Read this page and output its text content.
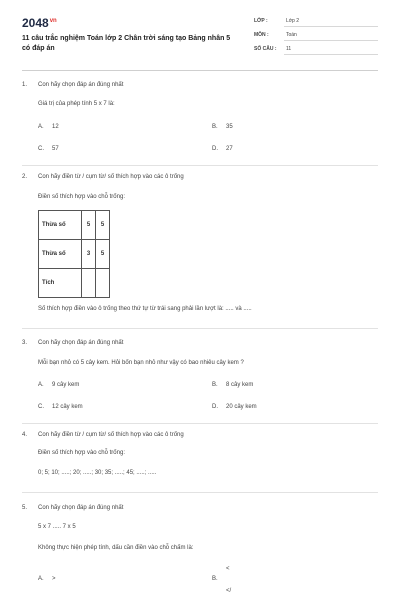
$2048^{vn}$
11 câu trắc nghiệm Toán lớp 2 Chân trời sáng tạo Bảng nhân 5 có đáp án
LỚP :	Lớp 2
MÔN :	Toán
SỐ CÂU :	11
1. Con hãy chọn đáp án đúng nhất
Giá trị của phép tính 5 x 7 là:
A. 12	B. 35
C. 57	D. 27
2. Con hãy điền từ / cụm từ/ số thích hợp vào các ô trống
Điền số thích hợp vào chỗ trống:
Thừa số	5	5
Thừa số	3	5
Tích		
Số thích hợp điền vào ô trống theo thứ tự từ trái sang phải lần lượt là: ..... và .....
3. Con hãy chọn đáp án đúng nhất
Mỗi bạn nhỏ có 5 cây kem. Hỏi bốn bạn nhỏ như vậy có bao nhiêu cây kem ?
A. 9 cây kem	B. 8 cây kem
C. 12 cây kem	D. 20 cây kem
4. Con hãy điền từ / cụm từ/ số thích hợp vào các ô trống
Điền số thích hợp vào chỗ trống:
0; 5; 10; .....; 20; .....; 30; 35; .....; 45; .....; .....
5. Con hãy chọn đáp án đúng nhất
5 x 7 ..... 7 x 5
Không thực hiện phép tính, dấu cần điền vào chỗ chấm là:
A. >	B.<
</
